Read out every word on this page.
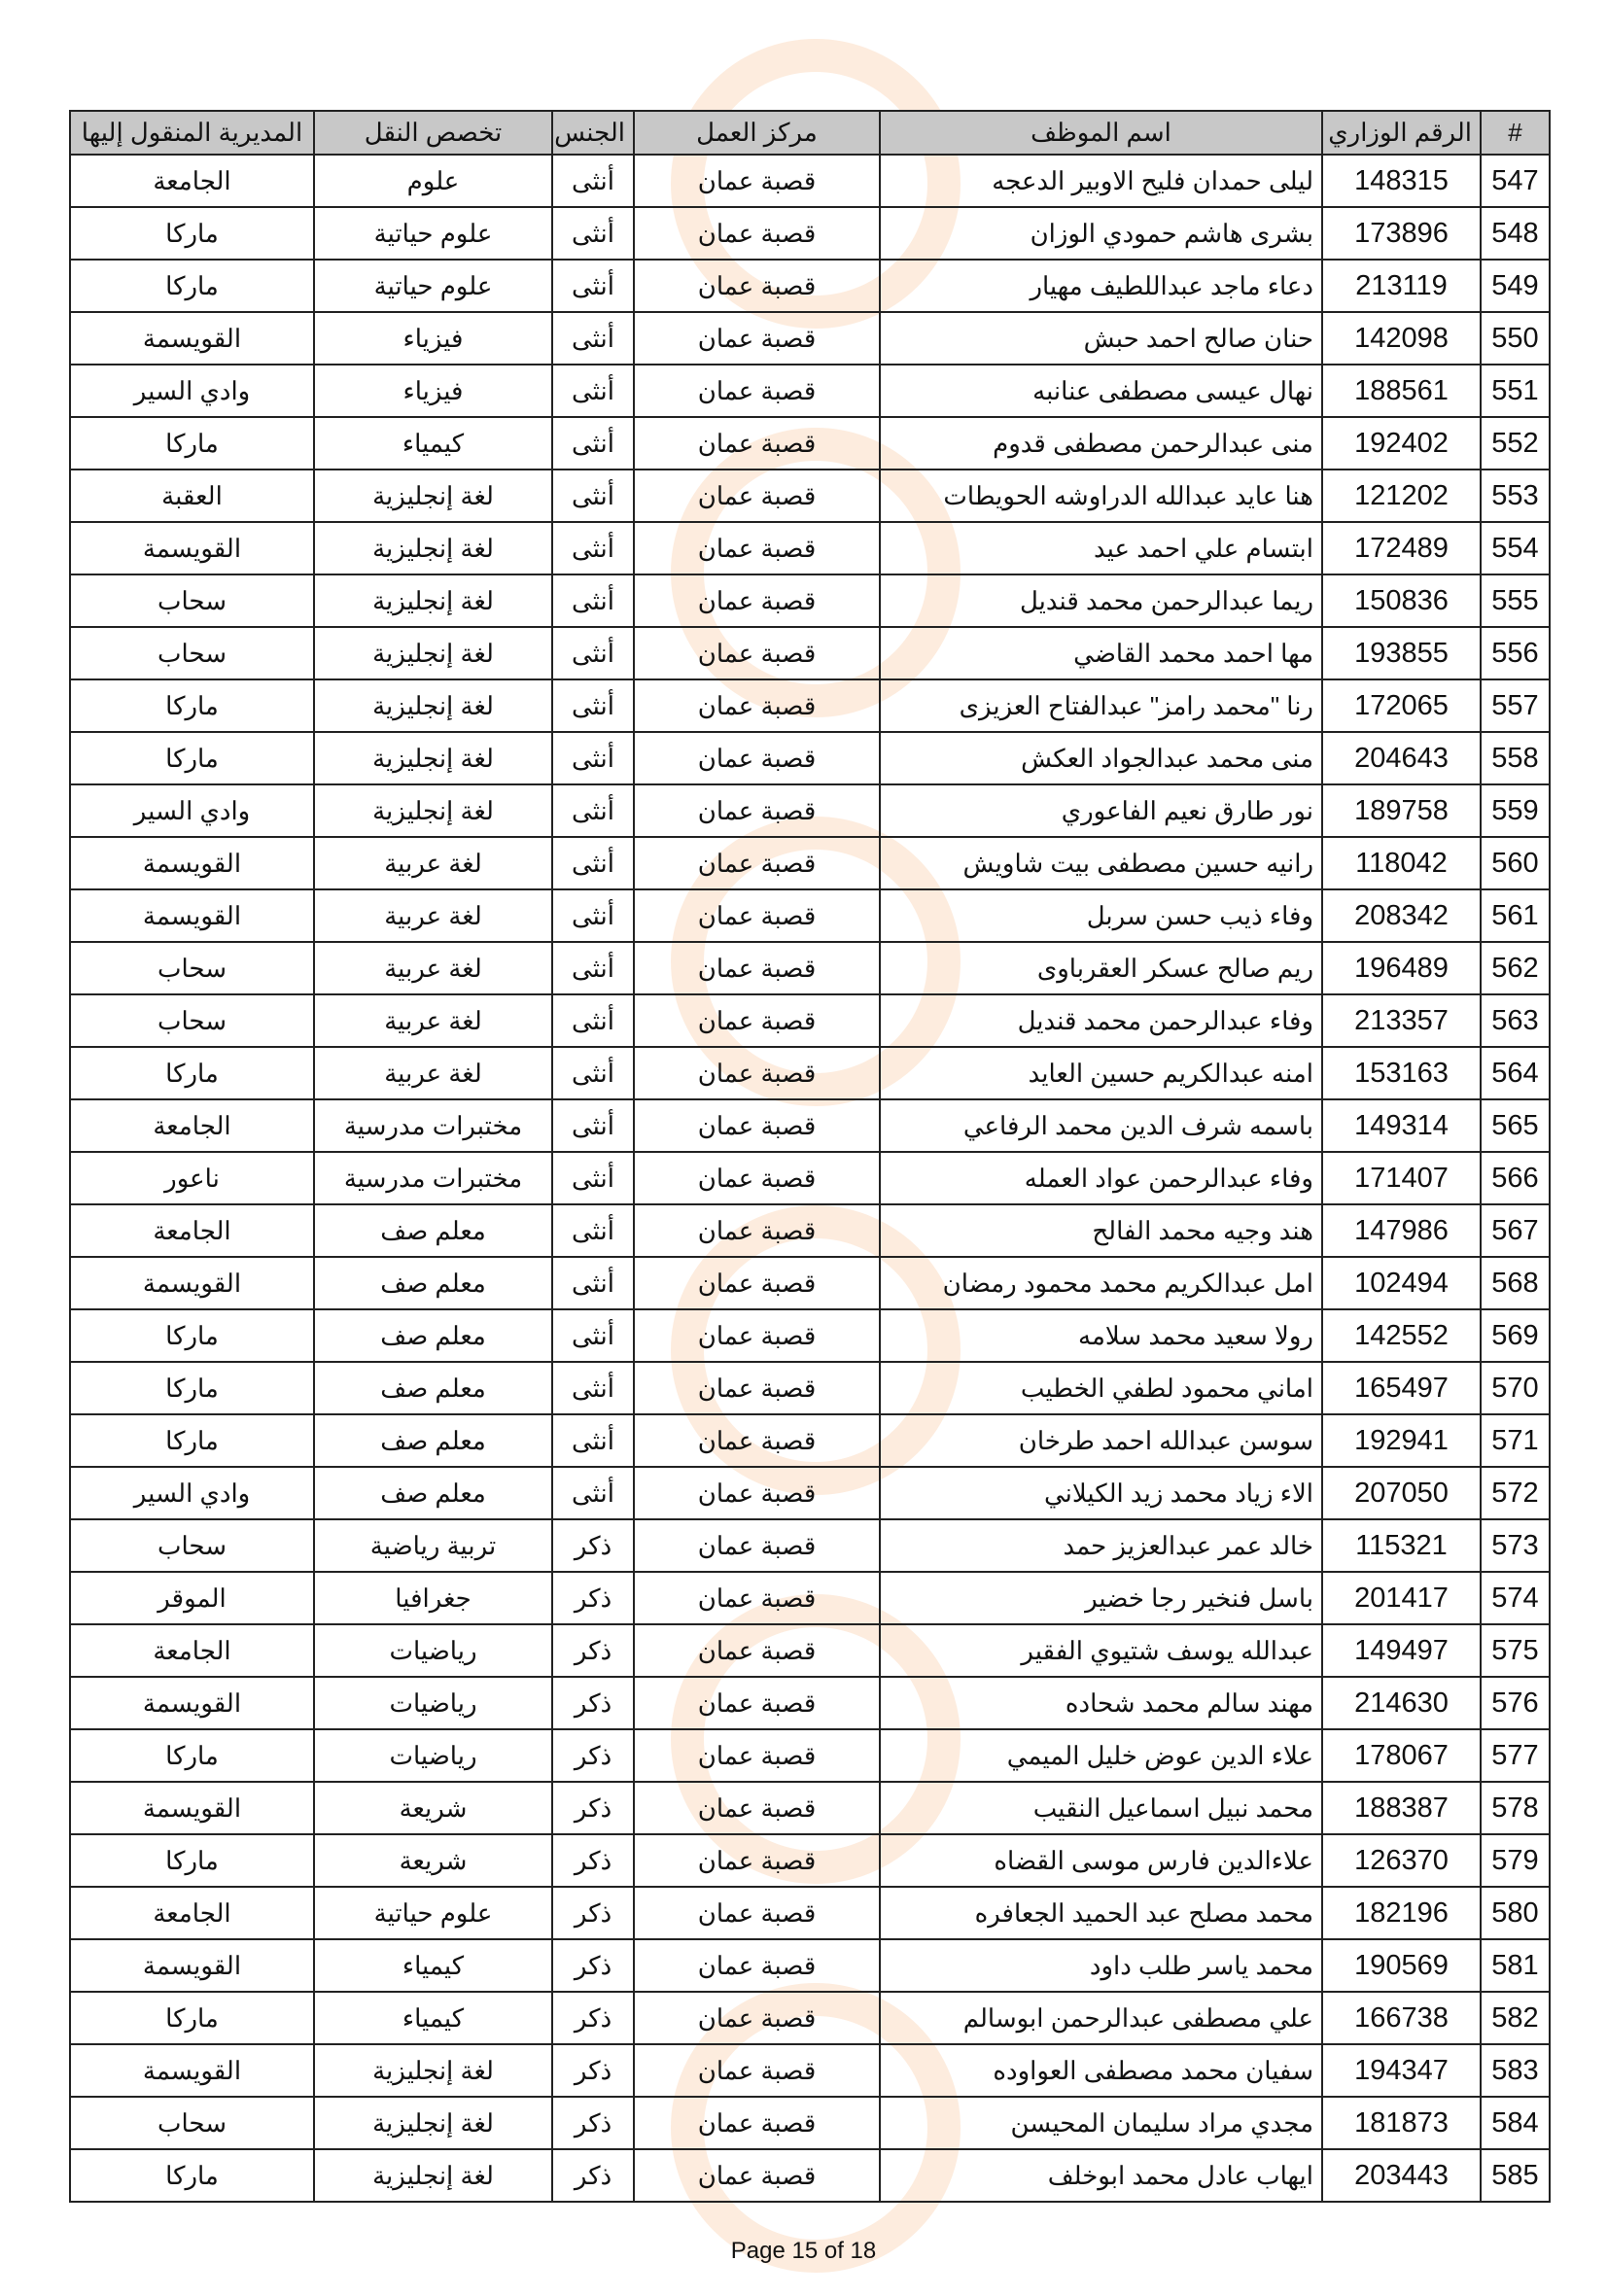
#	الرقم الوزاري	اسم الموظف	مركز العمل	الجنس	تخصص النقل	المديرية المنقول إليها
547	148315	ليلى حمدان فليح الاوبير الدعجه	قصبة عمان	أنثى	علوم	الجامعة
548	173896	بشرى هاشم حمودي الوزان	قصبة عمان	أنثى	علوم حياتية	ماركا
549	213119	دعاء ماجد عبداللطيف مهيار	قصبة عمان	أنثى	علوم حياتية	ماركا
550	142098	حنان صالح احمد حبش	قصبة عمان	أنثى	فيزياء	القويسمة
551	188561	نهال عيسى مصطفى عنانبه	قصبة عمان	أنثى	فيزياء	وادي السير
552	192402	منى عبدالرحمن مصطفى قدوم	قصبة عمان	أنثى	كيمياء	ماركا
553	121202	هنا عايد عبدالله الدراوشه الحويطات	قصبة عمان	أنثى	لغة إنجليزية	العقبة
554	172489	ابتسام علي احمد عيد	قصبة عمان	أنثى	لغة إنجليزية	القويسمة
555	150836	ريما عبدالرحمن محمد قنديل	قصبة عمان	أنثى	لغة إنجليزية	سحاب
556	193855	مها احمد محمد القاضي	قصبة عمان	أنثى	لغة إنجليزية	سحاب
557	172065	رنا "محمد رامز" عبدالفتاح العزيزى	قصبة عمان	أنثى	لغة إنجليزية	ماركا
558	204643	منى محمد عبدالجواد العكش	قصبة عمان	أنثى	لغة إنجليزية	ماركا
559	189758	نور طارق نعيم الفاعوري	قصبة عمان	أنثى	لغة إنجليزية	وادي السير
560	118042	رانيه حسين مصطفى بيت شاويش	قصبة عمان	أنثى	لغة عربية	القويسمة
561	208342	وفاء ذيب حسن سربل	قصبة عمان	أنثى	لغة عربية	القويسمة
562	196489	ريم صالح عسكر العقرباوى	قصبة عمان	أنثى	لغة عربية	سحاب
563	213357	وفاء عبدالرحمن محمد قنديل	قصبة عمان	أنثى	لغة عربية	سحاب
564	153163	امنه عبدالكريم حسين العايد	قصبة عمان	أنثى	لغة عربية	ماركا
565	149314	باسمه شرف الدين محمد الرفاعي	قصبة عمان	أنثى	مختبرات مدرسية	الجامعة
566	171407	وفاء عبدالرحمن عواد العمله	قصبة عمان	أنثى	مختبرات مدرسية	ناعور
567	147986	هند وجيه محمد الفالح	قصبة عمان	أنثى	معلم صف	الجامعة
568	102494	امل عبدالكريم محمد محمود رمضان	قصبة عمان	أنثى	معلم صف	القويسمة
569	142552	رولا سعيد محمد سلامه	قصبة عمان	أنثى	معلم صف	ماركا
570	165497	اماني محمود لطفي الخطيب	قصبة عمان	أنثى	معلم صف	ماركا
571	192941	سوسن عبدالله احمد طرخان	قصبة عمان	أنثى	معلم صف	ماركا
572	207050	الاء زياد محمد زيد الكيلاني	قصبة عمان	أنثى	معلم صف	وادي السير
573	115321	خالد عمر عبدالعزيز حمد	قصبة عمان	ذكر	تربية رياضية	سحاب
574	201417	باسل فنخير رجا خضير	قصبة عمان	ذكر	جغرافيا	الموقر
575	149497	عبدالله يوسف شتيوي الفقير	قصبة عمان	ذكر	رياضيات	الجامعة
576	214630	مهند سالم محمد شحاده	قصبة عمان	ذكر	رياضيات	القويسمة
577	178067	علاء الدين عوض خليل الميمي	قصبة عمان	ذكر	رياضيات	ماركا
578	188387	محمد نبيل اسماعيل النقيب	قصبة عمان	ذكر	شريعة	القويسمة
579	126370	علاءالدين فارس موسى القضاه	قصبة عمان	ذكر	شريعة	ماركا
580	182196	محمد مصلح عبد الحميد الجعافره	قصبة عمان	ذكر	علوم حياتية	الجامعة
581	190569	محمد ياسر طلب داود	قصبة عمان	ذكر	كيمياء	القويسمة
582	166738	علي مصطفى عبدالرحمن ابوسالم	قصبة عمان	ذكر	كيمياء	ماركا
583	194347	سفيان محمد مصطفى العواوده	قصبة عمان	ذكر	لغة إنجليزية	القويسمة
584	181873	مجدي مراد سليمان المحيسن	قصبة عمان	ذكر	لغة إنجليزية	سحاب
585	203443	ايهاب عادل محمد ابوخلف	قصبة عمان	ذكر	لغة إنجليزية	ماركا
Page 15 of 18
